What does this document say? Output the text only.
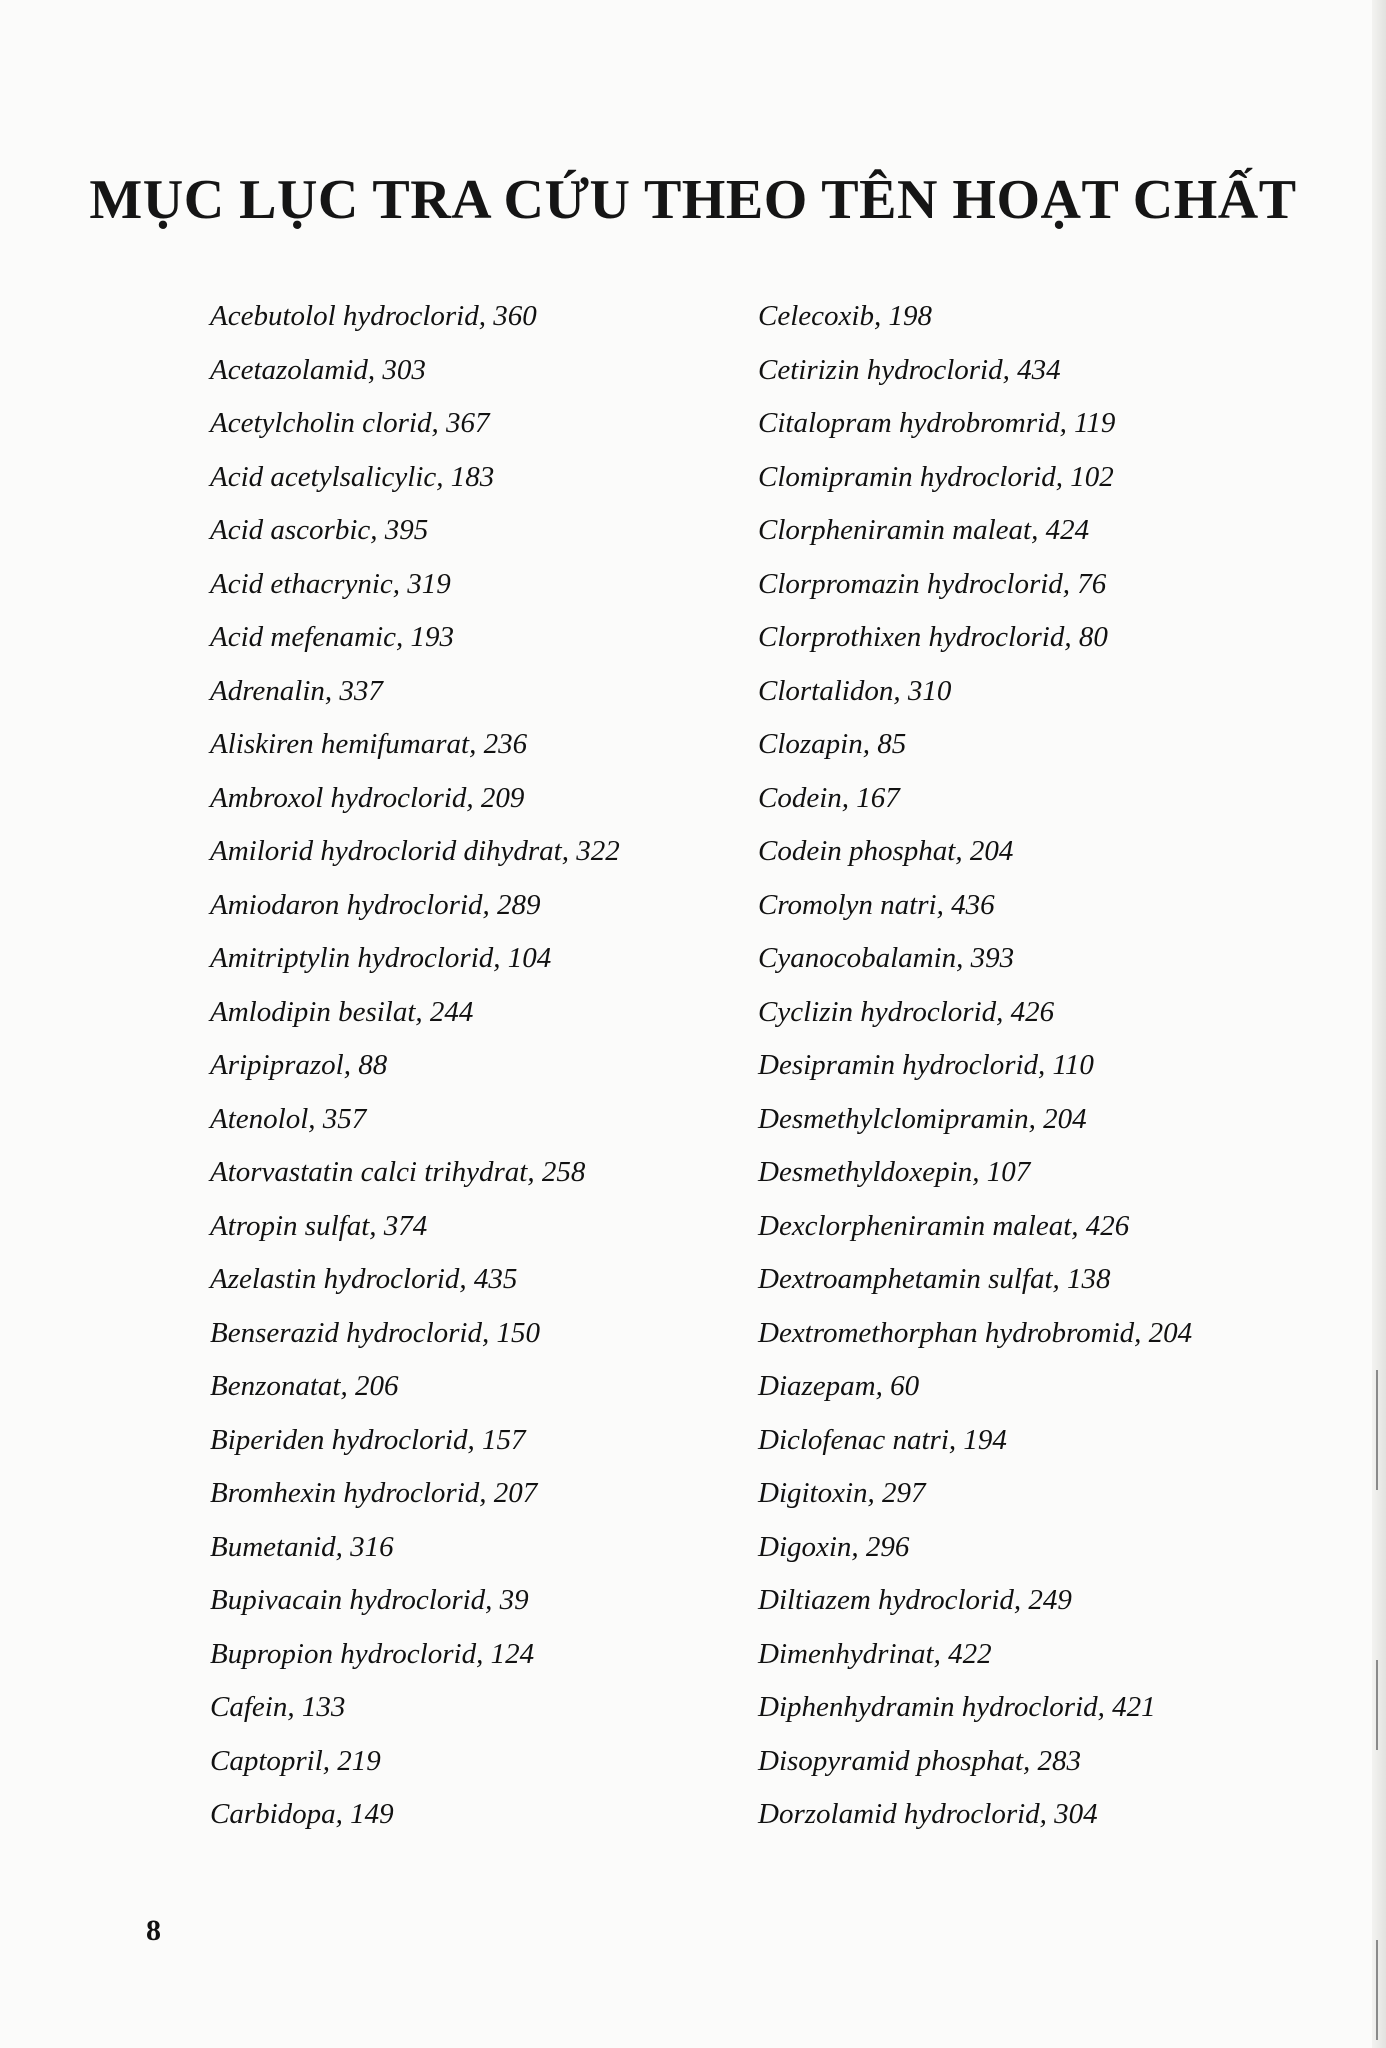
MỤC LỤC TRA CỨU THEO TÊN HOẠT CHẤT
Acebutolol hydroclorid, 360
Acetazolamid, 303
Acetylcholin clorid, 367
Acid acetylsalicylic, 183
Acid ascorbic, 395
Acid ethacrynic, 319
Acid mefenamic, 193
Adrenalin, 337
Aliskiren hemifumarat, 236
Ambroxol hydroclorid, 209
Amilorid hydroclorid dihydrat, 322
Amiodaron hydroclorid, 289
Amitriptylin hydroclorid, 104
Amlodipin besilat, 244
Aripiprazol, 88
Atenolol, 357
Atorvastatin calci trihydrat, 258
Atropin sulfat, 374
Azelastin hydroclorid, 435
Benserazid hydroclorid, 150
Benzonatat, 206
Biperiden hydroclorid, 157
Bromhexin hydroclorid, 207
Bumetanid, 316
Bupivacain hydroclorid, 39
Bupropion hydroclorid, 124
Cafein, 133
Captopril, 219
Carbidopa, 149
Celecoxib, 198
Cetirizin hydroclorid, 434
Citalopram hydrobromrid, 119
Clomipramin hydroclorid, 102
Clorpheniramin maleat, 424
Clorpromazin hydroclorid, 76
Clorprothixen hydroclorid, 80
Clortalidon, 310
Clozapin, 85
Codein, 167
Codein phosphat, 204
Cromolyn natri, 436
Cyanocobalamin, 393
Cyclizin hydroclorid, 426
Desipramin hydroclorid, 110
Desmethylclomipramin, 204
Desmethyldoxepin, 107
Dexclorpheniramin maleat, 426
Dextroamphetamin sulfat, 138
Dextromethorphan hydrobromid, 204
Diazepam, 60
Diclofenac natri, 194
Digitoxin, 297
Digoxin, 296
Diltiazem hydroclorid, 249
Dimenhydrinat, 422
Diphenhydramin hydroclorid, 421
Disopyramid phosphat, 283
Dorzolamid hydroclorid, 304
8
